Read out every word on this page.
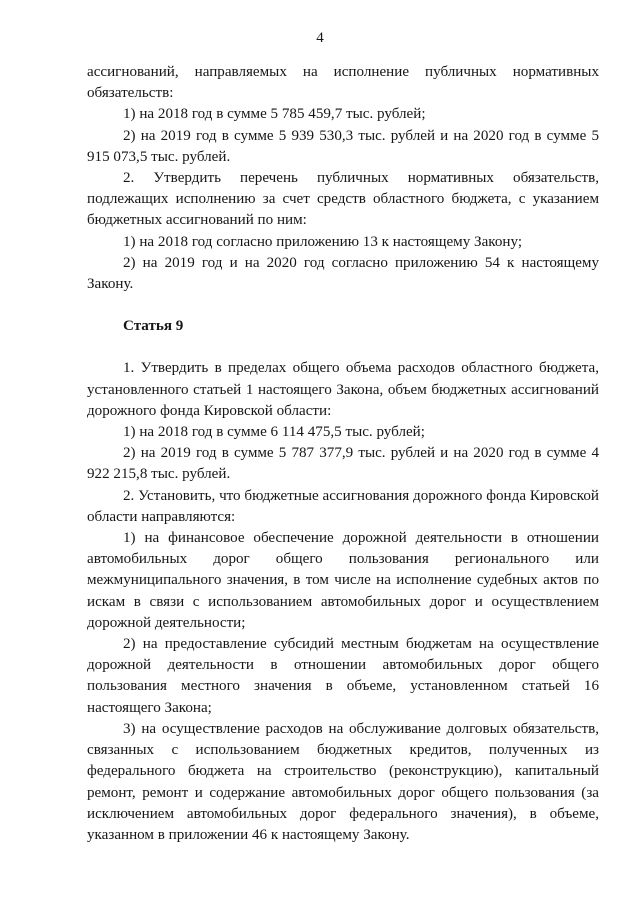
4

ассигнований, направляемых на исполнение публичных нормативных обязательств:

1) на 2018 год в сумме 5 785 459,7 тыс. рублей;

2) на 2019 год в сумме 5 939 530,3 тыс. рублей и на 2020 год в сумме 5 915 073,5 тыс. рублей.

2. Утвердить перечень публичных нормативных обязательств, подлежащих исполнению за счет средств областного бюджета, с указанием бюджетных ассигнований по ним:

1) на 2018 год согласно приложению 13 к настоящему Закону;

2) на 2019 год и на 2020 год согласно приложению 54 к настоящему Закону.

Статья 9

1. Утвердить в пределах общего объема расходов областного бюджета, установленного статьей 1 настоящего Закона, объем бюджетных ассигнований дорожного фонда Кировской области:

1) на 2018 год в сумме 6 114 475,5 тыс. рублей;

2) на 2019 год в сумме 5 787 377,9 тыс. рублей и на 2020 год в сумме 4 922 215,8 тыс. рублей.

2. Установить, что бюджетные ассигнования дорожного фонда Кировской области направляются:

1) на финансовое обеспечение дорожной деятельности в отношении автомобильных дорог общего пользования регионального или межмуниципального значения, в том числе на исполнение судебных актов по искам в связи с использованием автомобильных дорог и осуществлением дорожной деятельности;

2) на предоставление субсидий местным бюджетам на осуществление дорожной деятельности в отношении автомобильных дорог общего пользования местного значения в объеме, установленном статьей 16 настоящего Закона;

3) на осуществление расходов на обслуживание долговых обязательств, связанных с использованием бюджетных кредитов, полученных из федерального бюджета на строительство (реконструкцию), капитальный ремонт, ремонт и содержание автомобильных дорог общего пользования (за исключением автомобильных дорог федерального значения), в объеме, указанном в приложении 46 к настоящему Закону.
